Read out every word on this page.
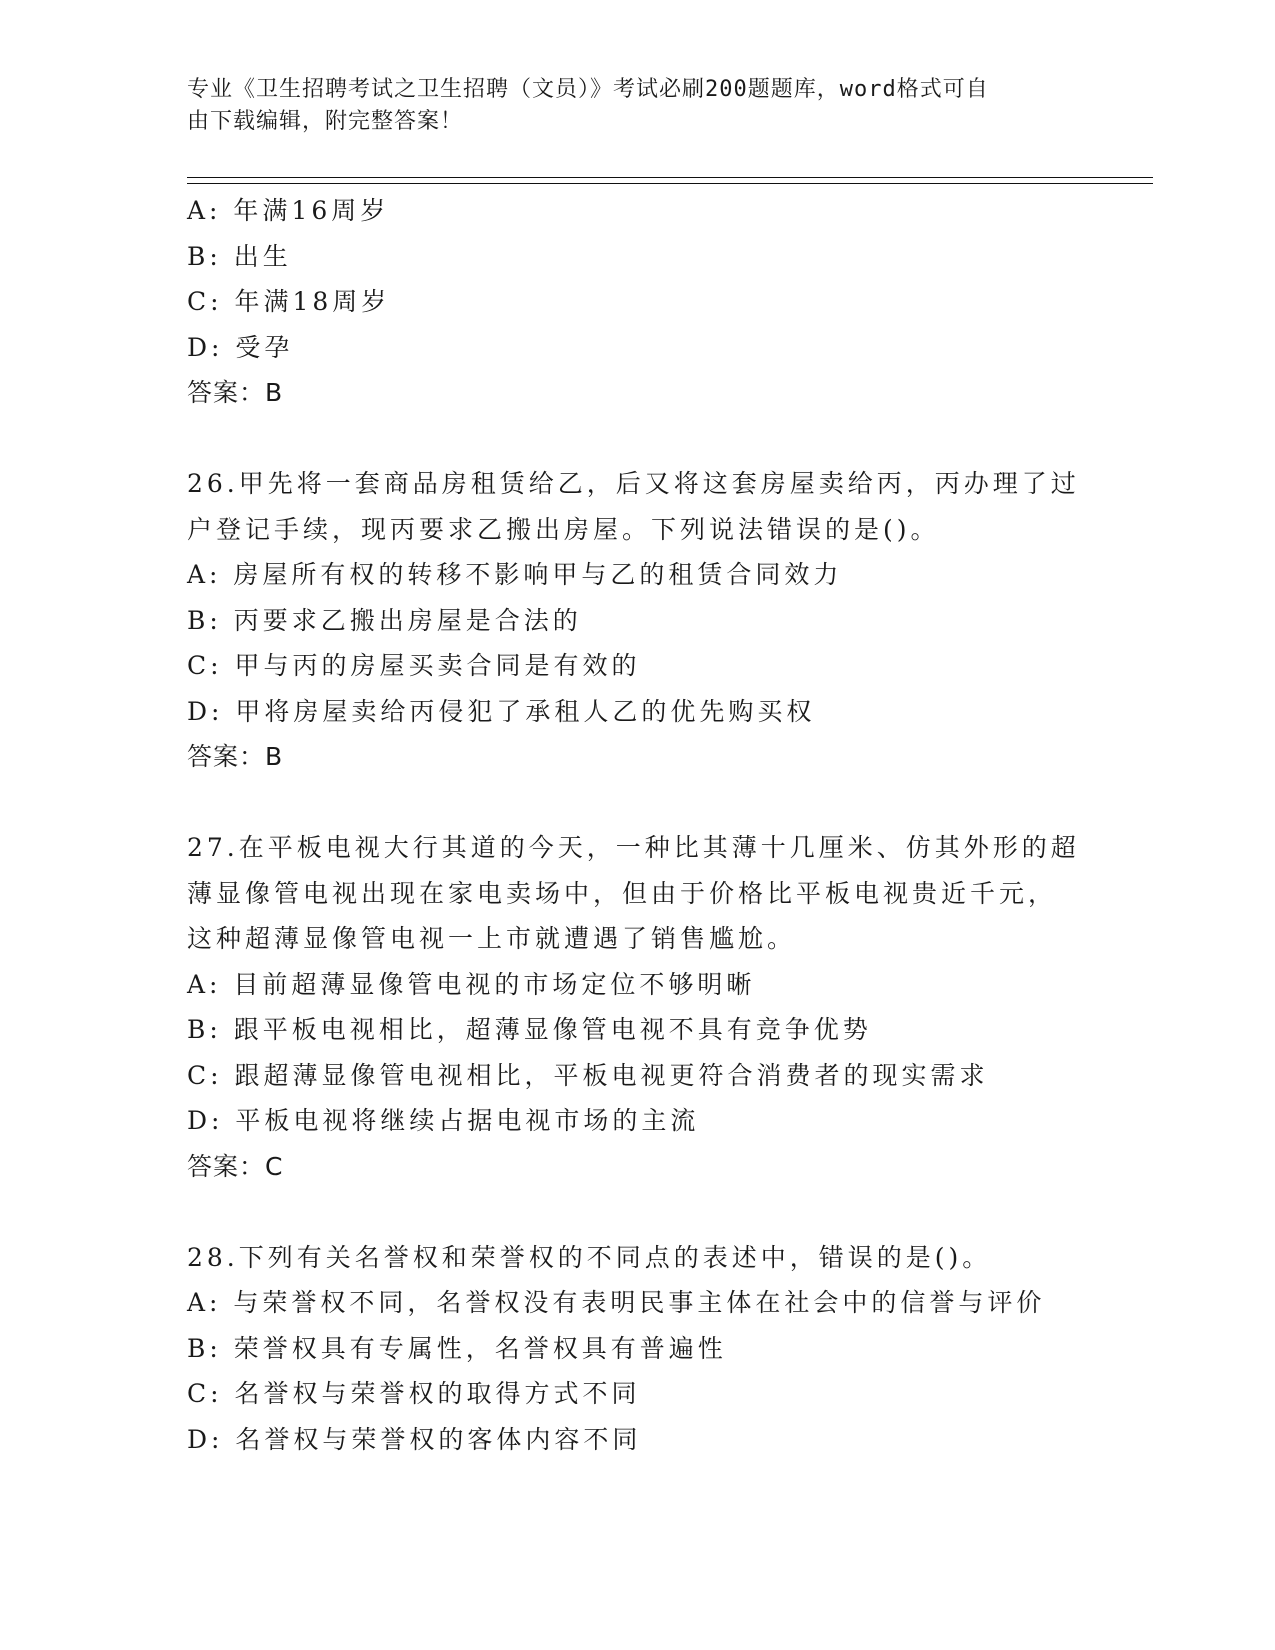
专业《卫生招聘考试之卫生招聘（文员）》考试必刷200题题库，word格式可自
由下载编辑，附完整答案！
A: 年满16周岁
B: 出生
C: 年满18周岁
D: 受孕
答案：B
26.甲先将一套商品房租赁给乙，后又将这套房屋卖给丙，丙办理了过
户登记手续，现丙要求乙搬出房屋。下列说法错误的是()。
A: 房屋所有权的转移不影响甲与乙的租赁合同效力
B: 丙要求乙搬出房屋是合法的
C: 甲与丙的房屋买卖合同是有效的
D: 甲将房屋卖给丙侵犯了承租人乙的优先购买权
答案：B
27.在平板电视大行其道的今天，一种比其薄十几厘米、仿其外形的超
薄显像管电视出现在家电卖场中，但由于价格比平板电视贵近千元，
这种超薄显像管电视一上市就遭遇了销售尴尬。
A: 目前超薄显像管电视的市场定位不够明晰
B: 跟平板电视相比，超薄显像管电视不具有竞争优势
C: 跟超薄显像管电视相比，平板电视更符合消费者的现实需求
D: 平板电视将继续占据电视市场的主流
答案：C
28.下列有关名誉权和荣誉权的不同点的表述中，错误的是()。
A: 与荣誉权不同，名誉权没有表明民事主体在社会中的信誉与评价
B: 荣誉权具有专属性，名誉权具有普遍性
C: 名誉权与荣誉权的取得方式不同
D: 名誉权与荣誉权的客体内容不同
